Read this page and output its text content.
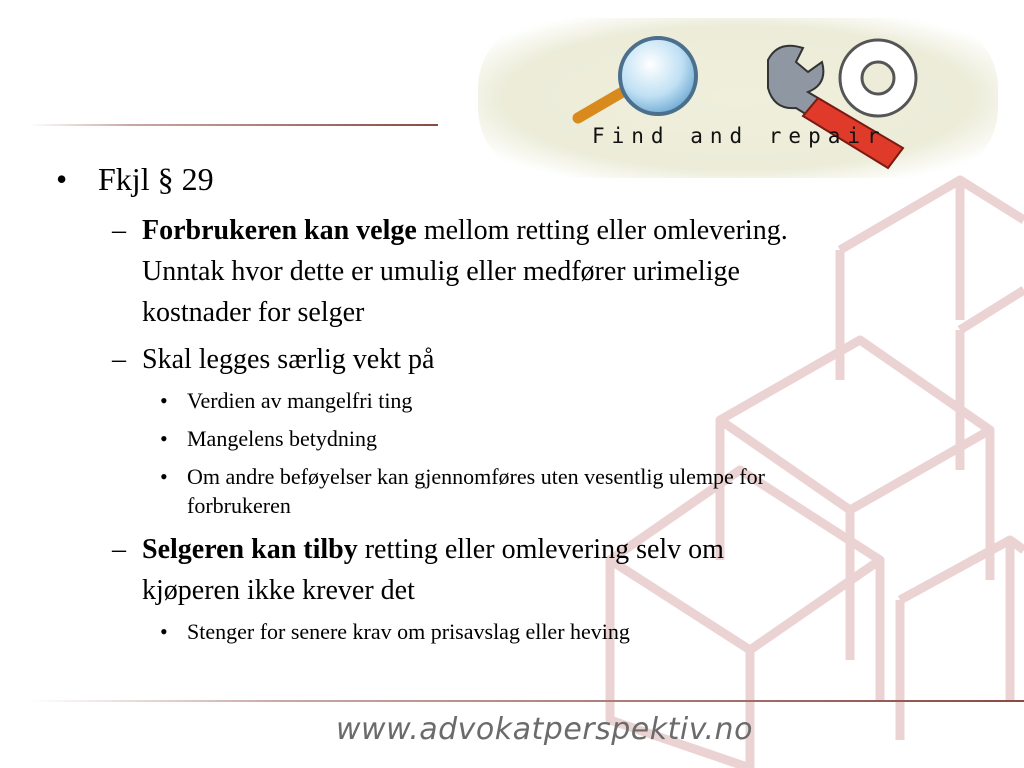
Find and repair
• Fkjl § 29
– Forbrukeren kan velge mellom retting eller omlevering. Unntak hvor dette er umulig eller medfører urimelige kostnader for selger
– Skal legges særlig vekt på
• Verdien av mangelfri ting
• Mangelens betydning
• Om andre beføyelser kan gjennomføres uten vesentlig ulempe for forbrukeren
– Selgeren kan tilby retting eller omlevering selv om kjøperen ikke krever det
• Stenger for senere krav om prisavslag eller heving
www.advokatperspektiv.no
